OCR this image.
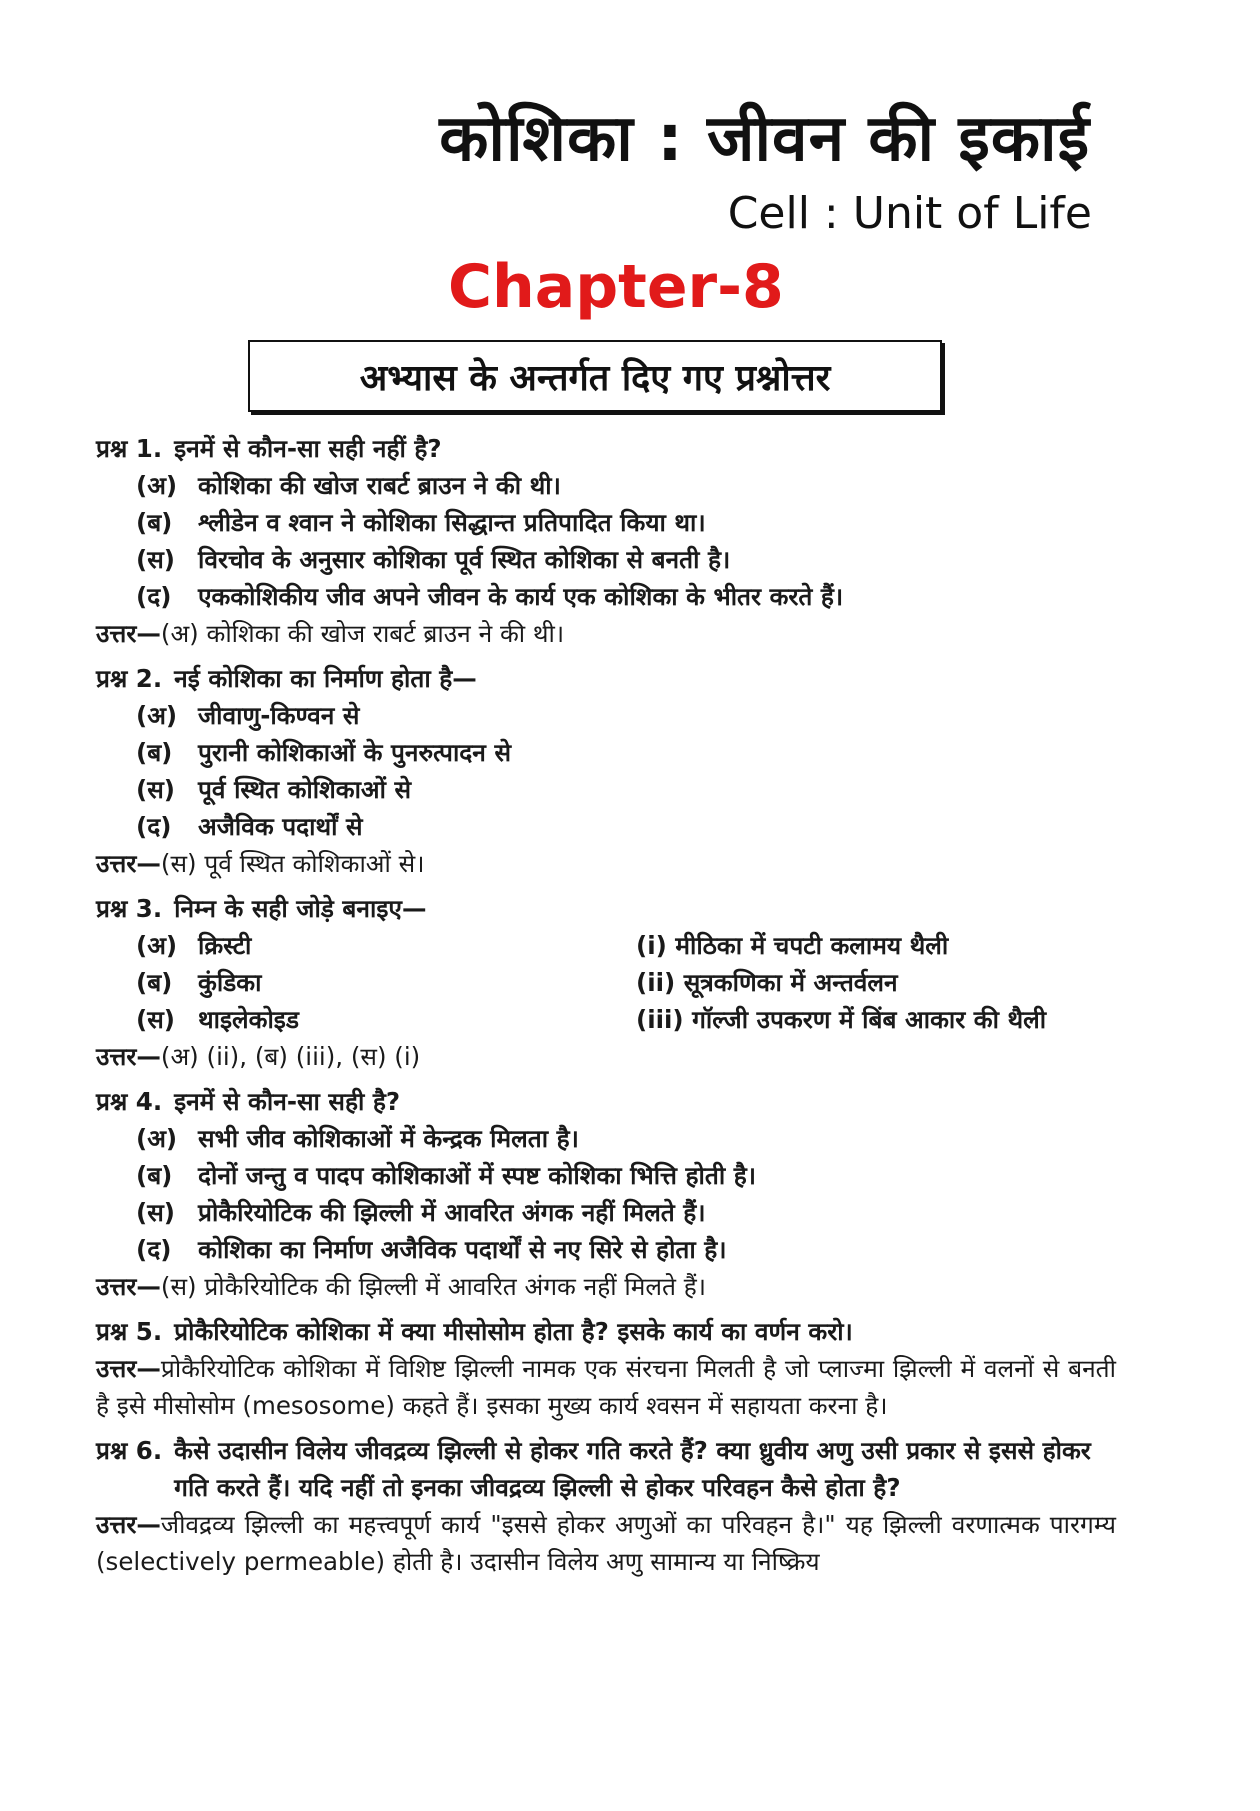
कोशिका : जीवन की इकाई
Cell : Unit of Life
Chapter-8
अभ्यास के अन्तर्गत दिए गए प्रश्नोत्तर

प्रश्न 1. इनमें से कौन-सा सही नहीं है?

(अ) कोशिका की खोज राबर्ट ब्राउन ने की थी।

(ब)	श्लीडेन व श्वान ने कोशिका सिद्धान्त प्रतिपादित किया था।

(स) विरचोव के अनुसार कोशिका पूर्व स्थित कोशिका से बनती है।

(द)	एककोशिकीय जीव अपने जीवन के कार्य एक कोशिका के भीतर करते हैं।

उत्तर—(अ) कोशिका की खोज राबर्ट ब्राउन ने की थी।

प्रश्न 2. नई कोशिका का निर्माण होता है—

(अ) जीवाणु-किण्वन से

(ब)	पुरानी कोशिकाओं के पुनरुत्पादन से

(स) पूर्व स्थित कोशिकाओं से

(द)	अजैविक पदार्थों से

उत्तर—(स) पूर्व स्थित कोशिकाओं से।

प्रश्न 3. निम्न के सही जोड़े बनाइए—

(अ) क्रिस्टी	(i) मीठिका में चपटी कलामय थैली
(ब)	कुंडिका	(ii) सूत्रकणिका में अन्तर्वलन
(स) थाइलेकोइड	(iii) गॉल्जी उपकरण में बिंब आकार की थैली

उत्तर—(अ) (ii), (ब) (iii), (स) (i)

प्रश्न 4. इनमें से कौन-सा सही है?

(अ) सभी जीव कोशिकाओं में केन्द्रक मिलता है।

(ब)	दोनों जन्तु व पादप कोशिकाओं में स्पष्ट कोशिका भित्ति होती है।

(स) प्रोकैरियोटिक की झिल्ली में आवरित अंगक नहीं मिलते हैं।

(द)	कोशिका का निर्माण अजैविक पदार्थों से नए सिरे से होता है।

उत्तर—(स) प्रोकैरियोटिक की झिल्ली में आवरित अंगक नहीं मिलते हैं।

प्रश्न 5. प्रोकैरियोटिक कोशिका में क्या मीसोसोम होता है? इसके कार्य का वर्णन करो।

उत्तर—प्रोकैरियोटिक कोशिका में विशिष्ट झिल्ली नामक एक संरचना मिलती है जो प्लाज्मा झिल्ली में वलनों से बनती है इसे मीसोसोम (mesosome) कहते हैं। इसका मुख्य कार्य श्वसन में सहायता करना है।

प्रश्न 6. कैसे उदासीन विलेय जीवद्रव्य झिल्ली से होकर गति करते हैं? क्या ध्रुवीय अणु उसी प्रकार से इससे होकर गति करते हैं। यदि नहीं तो इनका जीवद्रव्य झिल्ली से होकर परिवहन कैसे होता है?

उत्तर—जीवद्रव्य झिल्ली का महत्त्वपूर्ण कार्य "इससे होकर अणुओं का परिवहन है।" यह झिल्ली वरणात्मक पारगम्य (selectively permeable) होती है। उदासीन विलेय अणु सामान्य या निष्क्रिय
